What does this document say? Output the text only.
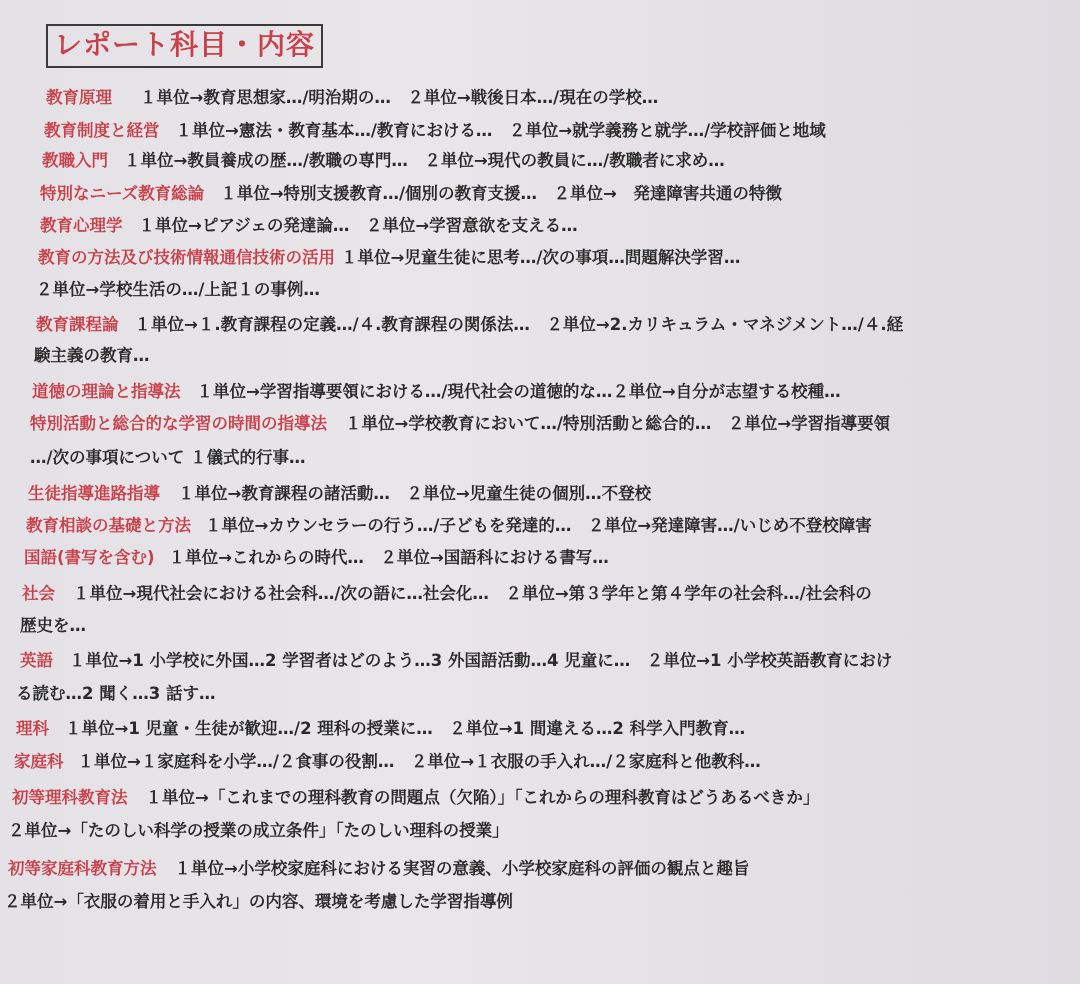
レポート科目・内容
教育原理 １単位→教育思想家…/明治期の…　２単位→戦後日本…/現在の学校…
教育制度と経営 １単位→憲法・教育基本…/教育における…　２単位→就学義務と就学…/学校評価と地域
教職入門 １単位→教員養成の歴…/教職の専門…　２単位→現代の教員に…/教職者に求め…
特別なニーズ教育総論 １単位→特別支援教育…/個別の教育支援…　２単位→　発達障害共通の特徴
教育心理学 １単位→ピアジェの発達論…　２単位→学習意欲を支える…
教育の方法及び技術情報通信技術の活用 １単位→児童生徒に思考…/次の事項…問題解決学習…
２単位→学校生活の…/上記１の事例…
教育課程論 １単位→１.教育課程の定義…/４.教育課程の関係法…　２単位→2.カリキュラム・マネジメント…/４.経
験主義の教育…
道徳の理論と指導法 １単位→学習指導要領における…/現代社会の道徳的な…２単位→自分が志望する校種…
特別活動と総合的な学習の時間の指導法 １単位→学校教育において…/特別活動と総合的…　２単位→学習指導要領
…/次の事項について １儀式的行事…
生徒指導進路指導 １単位→教育課程の諸活動…　２単位→児童生徒の個別…不登校
教育相談の基礎と方法 １単位→カウンセラーの行う…/子どもを発達的…　２単位→発達障害…/いじめ不登校障害
国語(書写を含む) １単位→これからの時代…　２単位→国語科における書写…
社会 １単位→現代社会における社会科…/次の語に…社会化…　２単位→第３学年と第４学年の社会科…/社会科の
歴史を…
英語 １単位→1 小学校に外国…2 学習者はどのよう…3 外国語活動…4 児童に…　２単位→1 小学校英語教育におけ
る読む…2 聞く…3 話す…
理科 １単位→1 児童・生徒が歓迎…/2 理科の授業に…　２単位→1 間違える…2 科学入門教育…
家庭科 １単位→１家庭科を小学…/２食事の役割…　２単位→１衣服の手入れ…/２家庭科と他教科…
初等理科教育法 １単位→「これまでの理科教育の問題点（欠陥）」「これからの理科教育はどうあるべきか」
２単位→「たのしい科学の授業の成立条件」「たのしい理科の授業」
初等家庭科教育方法 １単位→小学校家庭科における実習の意義、小学校家庭科の評価の観点と趣旨
２単位→「衣服の着用と手入れ」の内容、環境を考慮した学習指導例
